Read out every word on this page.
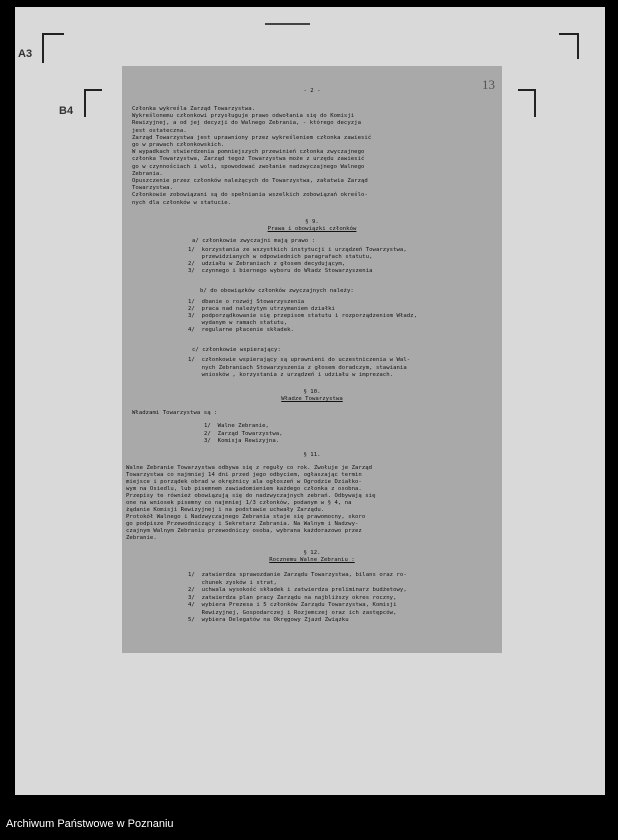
A3
B4
- 2 -	13
Członka wykreśla Zarząd Towarzystwa.
Wykreślonemu członkowi przysługuje prawo odwołania się do Komisji
Rewizyjnej, a od jej decyzji do Walnego Zebrania, - którego decyzja
jest ostateczna.
Zarząd Towarzystwa jest uprawniony przez wykreśleniem członka zawiesić
go w prawach członkowskich.
W wypadkach stwierdzenia pomniejszych przewinień członka zwyczajnego
członka Towarzystwa, Zarząd tegoż Towarzystwa może z urzędu zawiesić
go w czynnościach i woli, spowodować zwołanie nadzwyczajnego Walnego
Zebrania.
Opuszczenie przez członków należących do Towarzystwa, załatwia Zarząd
Towarzystwa.
Członkowie zobowiązani są do spełniania wszelkich zobowiązań określo-
nych dla członków w statucie.
§ 9.
Prawa i obowiązki członków
a/ członkowie zwyczajni mają prawo :
1/  korzystania ze wszystkich instytucji i urządzeń Towarzystwa,
przewidzianych w odpowiednich paragrafach statutu,
2/  udziału w Zebraniach z głosem decydującym,
3/  czynnego i biernego wyboru do Władz Stowarzyszenia
b/ do obowiązków członków zwyczajnych należy:
1/  dbanie o rozwój Stowarzyszenia
2/  praca nad należytym utrzymaniem działki
3/  podporządkowanie się przepisom statutu i rozporządzeniom Władz,
wydanym w ramach statutu,
4/  regularne płacenie składek.
c/ członkowie wspierający:
1/  członkowie wspierający są uprawnieni do uczestniczenia w Wal-
nych Zebraniach Stowarzyszenia z głosem doradczym, stawiania
wniosków , korzystania z urządzeń i udziału w imprezach.
§ 10.
Władze Towarzystwa
Władzami Towarzystwa są :
1/  Walne Zebranie,
2/  Zarząd Towarzystwa,
3/  Komisja Rewizyjna.
§ 11.
Walne Zebranie Towarzystwa odbywa się z reguły co rok. Zwołuje je Zarząd
Towarzystwa co najmniej 14 dni przed jego odbyciem, ogłaszając termin
miejsce i porządek obrad w okrężnicy ala ogłoszeń w Ogrodzie Działko-
wym na Osiedlu, lub pisemnem zawiadomieniem każdego członka z osobna.
Przepisy te również obowiązują się do nadzwyczajnych zebrań. Odbywają się
one na wniosek pisemny co najmniej 1/3 członków, podanym w § 4, na
żądanie Komisji Rewizyjnej i na podstawie uchwały Zarządu.
Protokół Walnego i Nadzwyczajnego Zebrania staje się prawomocny, skoro
go podpisze Przewodniczący i Sekretarz Zebrania. Na Walnym i Nadzwy-
czajnym Walnym Zebraniu przewodniczy osoba, wybrana każdorazowo przez
Zebranie.
§ 12.
Rocznemu Walne Zebraniu :
1/  zatwierdza sprawozdanie Zarządu Towarzystwa, bilans oraz ro-
chunek zysków i strat,
2/  uchwala wysokość składek i zatwierdza preliminarz budżetowy,
3/  zatwierdza plan pracy Zarządu na najbliższy okres roczny,
4/  wybiera Prezesa i 5 członków Zarządu Towarzystwa, Komisji
Rewizyjnej, Gospodarczej i Rozjemczej oraz ich zastępców,
5/  wybiera Delegatów na Okręgowy Zjazd Związku
Archiwum Państwowe w Poznaniu
